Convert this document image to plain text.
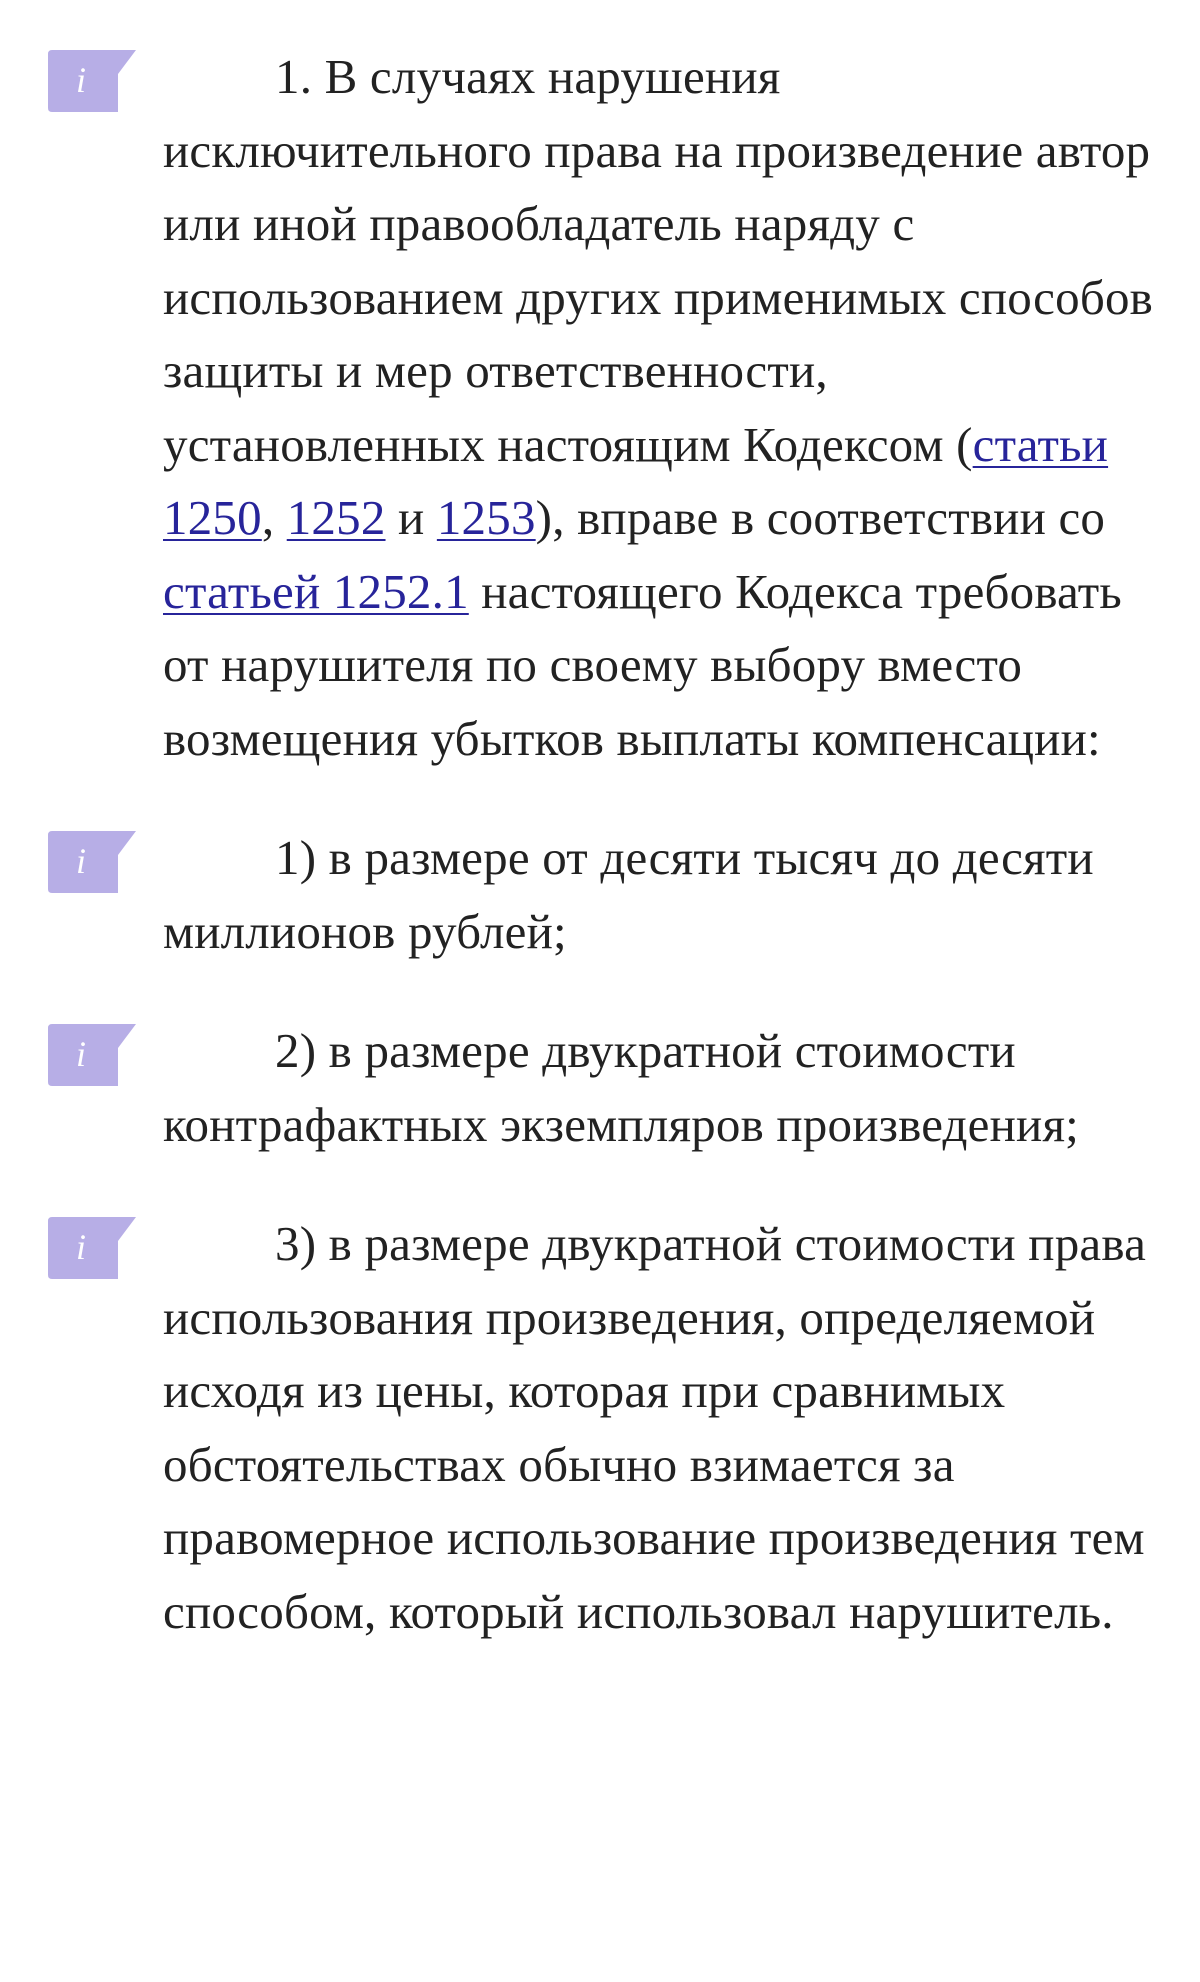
i	1. В случаях нарушения исключительного права на произведение автор или иной правообладатель наряду с использованием других применимых способов защиты и мер ответственности, установленных настоящим Кодексом (статьи 1250, 1252 и 1253), вправе в соответствии со статьей 1252.1 настоящего Кодекса требовать от нарушителя по своему выбору вместо возмещения убытков выплаты компенсации:
i	1) в размере от десяти тысяч до десяти миллионов рублей;
i	2) в размере двукратной стоимости контрафактных экземпляров произведения;
i	3) в размере двукратной стоимости права использования произведения, определяемой исходя из цены, которая при сравнимых обстоятельствах обычно взимается за правомерное использование произведения тем способом, который использовал нарушитель.
